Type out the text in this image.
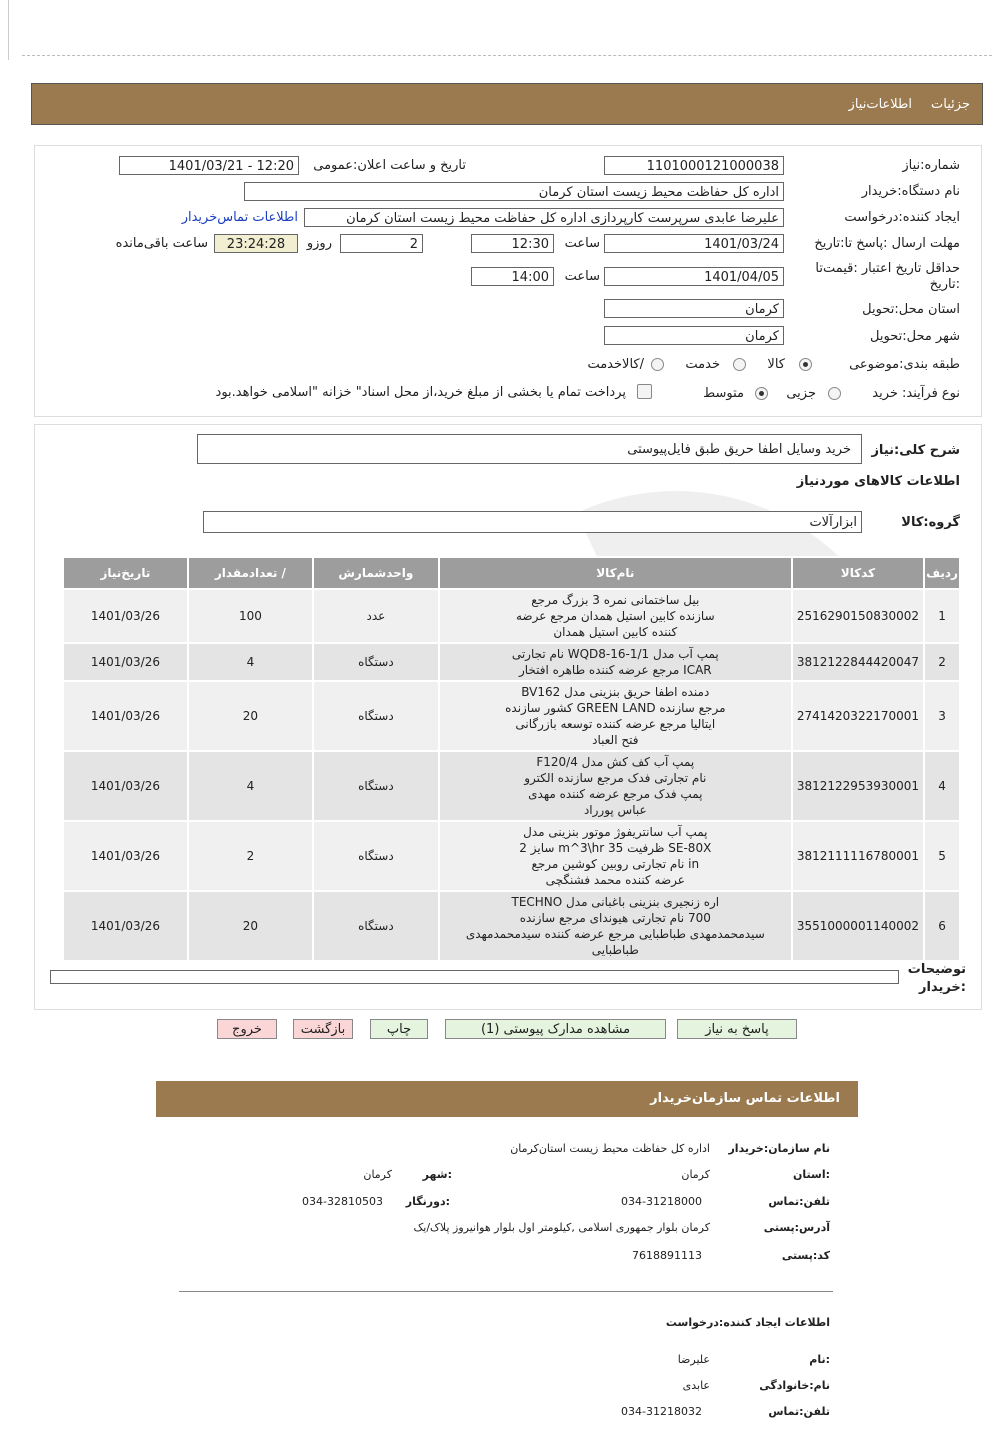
جزئیات
اطلاعات‌نیاز
شماره:نیاز
1101000121000038
تاریخ و ساعت اعلان:عمومی
1401/03/21 - 12:20
نام دستگاه:خریدار
اداره کل حفاظت محیط زیست استان کرمان
ایجاد کننده:درخواست
علیرضا عابدی سرپرست کارپردازی اداره کل حفاظت محیط زیست استان کرمان
اطلاعات تماس‌خریدار
مهلت ارسال :پاسخ تا:تاریخ
1401/03/24
ساعت
12:30
2
روزو
23:24:28
ساعت باقی‌مانده
حداقل تاریخ اعتبار :قیمت‌تا
:تاریخ
1401/04/05
ساعت
14:00
استان محل:تحویل
کرمان
شهر محل:تحویل
کرمان
طبقه بندی:موضوعی
کالا
خدمت
/کالا‌خدمت
نوع فرآیند: خرید
جزیی
متوسط
پرداخت تمام یا بخشی از مبلغ خرید،از محل اسناد" خزانه "اسلامی خواهد.بود
شرح کلی:نیاز
خرید وسایل اطفا حریق طبق فایل‌پیوستی
اطلاعات کالاهای موردنیاز
گروه:کالا
ابزارآلات
ردیف	کدکالا	نام‌کالا	واحدشمارش	/ تعدادمقدار	تاریخ‌نیاز
1	2516290150830002	بیل ساختمانی نمره 3 بزرگ مرجع
سازنده کابین استیل همدان مرجع عرضه
کننده کابین استیل همدان	عدد	100	1401/03/26
2	3812122844420047	پمپ آب مدل WQD8-16-1/1 نام تجارتی
ICAR مرجع عرضه کننده طاهره افتخار	دستگاه	4	1401/03/26
3	2741420322170001	دمنده اطفا حریق بنزینی مدل BV162
مرجع سازنده GREEN LAND کشور سازنده
ایتالیا مرجع عرضه کننده توسعه بازرگانی
فتح العباد	دستگاه	20	1401/03/26
4	3812122953930001	پمپ آب کف کش مدل F120/4
نام تجارتی فدک مرجع سازنده الکترو
پمپ فدک مرجع عرضه کننده مهدی
عباس پورراد	دستگاه	4	1401/03/26
5	3812111116780001	پمپ آب سانتریفوژ موتور بنزینی مدل
SE-80X ظرفیت 35 m^3\hr سایز 2
in نام تجارتی روبین کوشین مرجع
عرضه کننده محمد فشنگچی	دستگاه	2	1401/03/26
6	3551000001140002	اره زنجیری بنزینی باغبانی مدل TECHNO
700 نام تجارتی هیوندای مرجع سازنده
سیدمحمدمهدی طباطبایی مرجع عرضه کننده سیدمحمدمهدی
طباطبایی	دستگاه	20	1401/03/26
توضیحات
:خریدار
پاسخ به نیاز
مشاهده مدارک پیوستی (1)
چاپ
بازگشت
خروج
اطلاعات تماس سازمان‌خریدار
نام سازمان:خریدار
اداره کل حفاظت محیط زیست استان‌کرمان
:استان
کرمان
:شهر
کرمان
تلفن:تماس
034-31218000
:دورنگار
034-32810503
آدرس:پستی
کرمان بلوار جمهوری اسلامی ,کیلومتر اول بلوار هوانیروز پلاک/یک
کد:پستی
7618891113
اطلاعات ایجاد کننده:درخواست
:نام
علیرضا
نام:خانوادگی
عابدی
تلفن:تماس
034-31218032
